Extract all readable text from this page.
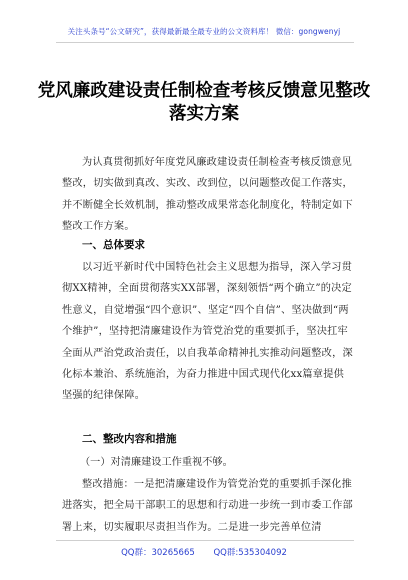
关注头条号“公文研究”，获得最新最全最专业的公文资料库！ 微信：gongwenyj
党风廉政建设责任制检查考核反馈意见整改落实方案
为认真贯彻抓好年度党风廉政建设责任制检查考核反馈意见整改，切实做到真改、实改、改到位，以问题整改促工作落实，并不断健全长效机制，推动整改成果常态化制度化，特制定如下整改工作方案。
一、总体要求
以习近平新时代中国特色社会主义思想为指导，深入学习贯彻XX精神，全面贯彻落实XX部署，深刻领悟“两个确立”的决定性意义，自觉增强“四个意识”、坚定“四个自信”、坚决做到“两个维护”，坚持把清廉建设作为管党治党的重要抓手，坚决扛牢全面从严治党政治责任，以自我革命精神扎实推动问题整改，深化标本兼治、系统施治，为奋力推进中国式现代化xx篇章提供坚强的纪律保障。
二、整改内容和措施
（一）对清廉建设工作重视不够。
整改措施：一是把清廉建设作为管党治党的重要抓手深化推进落实，把全局干部职工的思想和行动进一步统一到市委工作部署上来，切实履职尽责担当作为。二是进一步完善单位清
QQ群：30265665 QQ群:535304092
